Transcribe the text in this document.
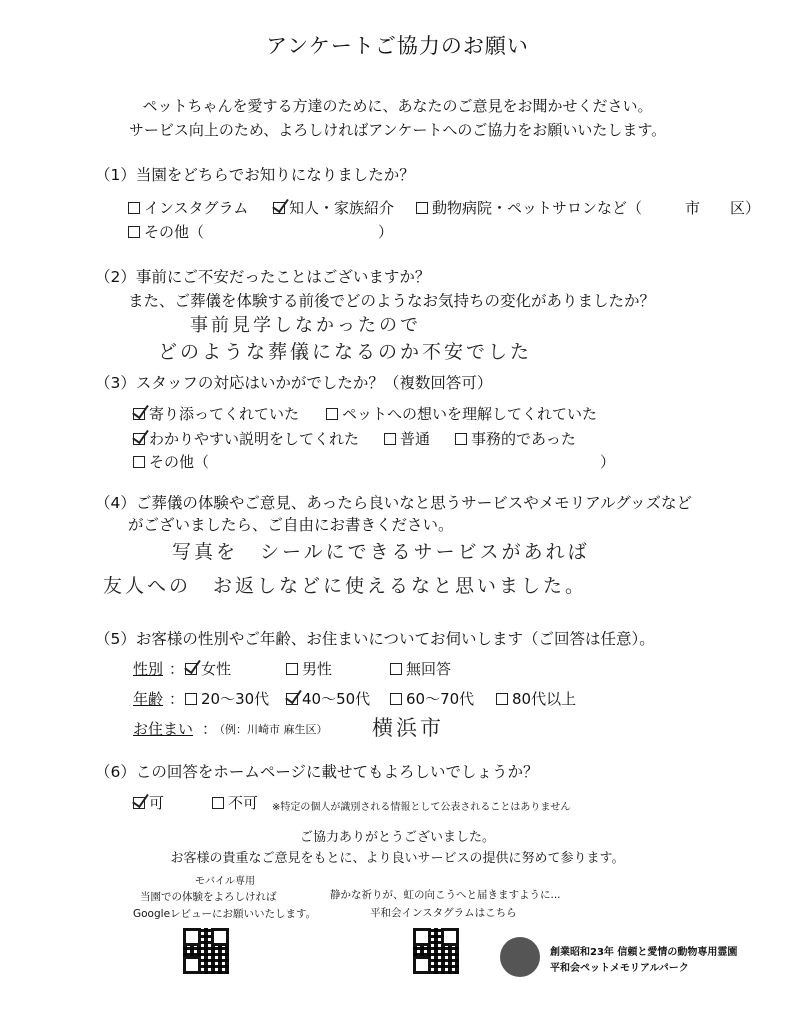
アンケートご協力のお願い
ペットちゃんを愛する方達のために、あなたのご意見をお聞かせください。
サービス向上のため、よろしければアンケートへのご協力をお願いいたします。
（1）当園をどちらでお知りになりましたか？
インスタグラム	知人・家族紹介	動物病院・ペットサロンなど（	市 区）
その他（	）
（2）事前にご不安だったことはございますか？
また、ご葬儀を体験する前後でどのようなお気持ちの変化がありましたか？
事前見学しなかったので
どのような葬儀になるのか不安でした
（3）スタッフの対応はいかがでしたか？（複数回答可）
寄り添ってくれていた	ペットへの想いを理解してくれていた
わかりやすい説明をしてくれた	普通	事務的であった
その他（	）
（4）ご葬儀の体験やご意見、あったら良いなと思うサービスやメモリアルグッズなど
がございましたら、ご自由にお書きください。
写真を　シールにできるサービスがあれば
友人への　お返しなどに使えるなと思いました。
（5）お客様の性別やご年齢、お住まいについてお伺いします（ご回答は任意）。
性別 ：	女性	男性	無回答
年齢 ：	20〜30代	40〜50代	60〜70代	80代以上
お住まい ：
（例：川崎市 麻生区） 横浜市
（6）この回答をホームページに載せてもよろしいでしょうか？
可	不可 ※特定の個人が識別される情報として公表されることはありません
ご協力ありがとうございました。
お客様の貴重なご意見をもとに、より良いサービスの提供に努めて参ります。
モバイル専用
当園での体験をよろしければ
Googleレビューにお願いいたします。
静かな祈りが、虹の向こうへと届きますように...
平和会インスタグラムはこちら
創業昭和23年 信頼と愛情の動物専用霊園
平和会ペットメモリアルパーク
